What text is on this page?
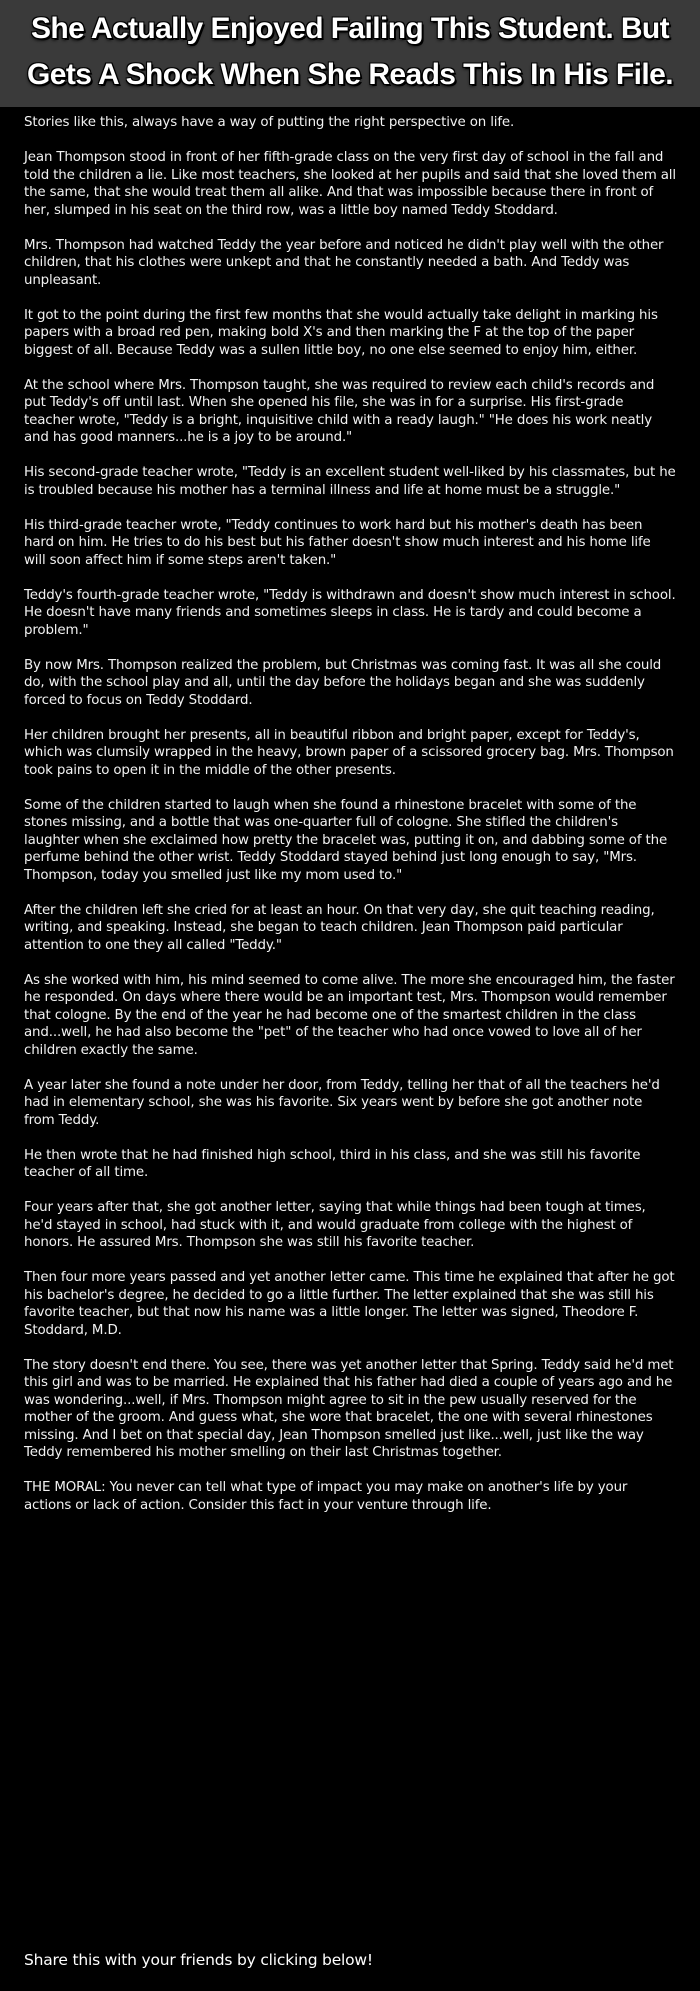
She Actually Enjoyed Failing This Student. But
Gets A Shock When She Reads This In His File.

Stories like this, always have a way of putting the right perspective on life.

Jean Thompson stood in front of her fifth-grade class on the very first day of school in the fall and told the children a lie. Like most teachers, she looked at her pupils and said that she loved them all the same, that she would treat them all alike. And that was impossible because there in front of her, slumped in his seat on the third row, was a little boy named Teddy Stoddard.

Mrs. Thompson had watched Teddy the year before and noticed he didn't play well with the other children, that his clothes were unkept and that he constantly needed a bath. And Teddy was unpleasant.

It got to the point during the first few months that she would actually take delight in marking his papers with a broad red pen, making bold X's and then marking the F at the top of the paper biggest of all. Because Teddy was a sullen little boy, no one else seemed to enjoy him, either.

At the school where Mrs. Thompson taught, she was required to review each child's records and put Teddy's off until last. When she opened his file, she was in for a surprise. His first-grade teacher wrote, "Teddy is a bright, inquisitive child with a ready laugh." "He does his work neatly and has good manners...he is a joy to be around."

His second-grade teacher wrote, "Teddy is an excellent student well-liked by his classmates, but he is troubled because his mother has a terminal illness and life at home must be a struggle."

His third-grade teacher wrote, "Teddy continues to work hard but his mother's death has been hard on him. He tries to do his best but his father doesn't show much interest and his home life will soon affect him if some steps aren't taken."

Teddy's fourth-grade teacher wrote, "Teddy is withdrawn and doesn't show much interest in school. He doesn't have many friends and sometimes sleeps in class. He is tardy and could become a problem."

By now Mrs. Thompson realized the problem, but Christmas was coming fast. It was all she could do, with the school play and all, until the day before the holidays began and she was suddenly forced to focus on Teddy Stoddard.

Her children brought her presents, all in beautiful ribbon and bright paper, except for Teddy's, which was clumsily wrapped in the heavy, brown paper of a scissored grocery bag. Mrs. Thompson took pains to open it in the middle of the other presents.

Some of the children started to laugh when she found a rhinestone bracelet with some of the stones missing, and a bottle that was one-quarter full of cologne. She stifled the children's laughter when she exclaimed how pretty the bracelet was, putting it on, and dabbing some of the perfume behind the other wrist. Teddy Stoddard stayed behind just long enough to say, "Mrs. Thompson, today you smelled just like my mom used to."

After the children left she cried for at least an hour. On that very day, she quit teaching reading, writing, and speaking. Instead, she began to teach children. Jean Thompson paid particular attention to one they all called "Teddy."

As she worked with him, his mind seemed to come alive. The more she encouraged him, the faster he responded. On days where there would be an important test, Mrs. Thompson would remember that cologne. By the end of the year he had become one of the smartest children in the class and...well, he had also become the "pet" of the teacher who had once vowed to love all of her children exactly the same.

A year later she found a note under her door, from Teddy, telling her that of all the teachers he'd had in elementary school, she was his favorite. Six years went by before she got another note from Teddy.

He then wrote that he had finished high school, third in his class, and she was still his favorite teacher of all time.

Four years after that, she got another letter, saying that while things had been tough at times, he'd stayed in school, had stuck with it, and would graduate from college with the highest of honors. He assured Mrs. Thompson she was still his favorite teacher.

Then four more years passed and yet another letter came. This time he explained that after he got his bachelor's degree, he decided to go a little further. The letter explained that she was still his favorite teacher, but that now his name was a little longer. The letter was signed, Theodore F. Stoddard, M.D.

The story doesn't end there. You see, there was yet another letter that Spring. Teddy said he'd met this girl and was to be married. He explained that his father had died a couple of years ago and he was wondering...well, if Mrs. Thompson might agree to sit in the pew usually reserved for the mother of the groom. And guess what, she wore that bracelet, the one with several rhinestones missing. And I bet on that special day, Jean Thompson smelled just like...well, just like the way Teddy remembered his mother smelling on their last Christmas together.

THE MORAL: You never can tell what type of impact you may make on another's life by your actions or lack of action. Consider this fact in your venture through life.

Share this with your friends by clicking below!
